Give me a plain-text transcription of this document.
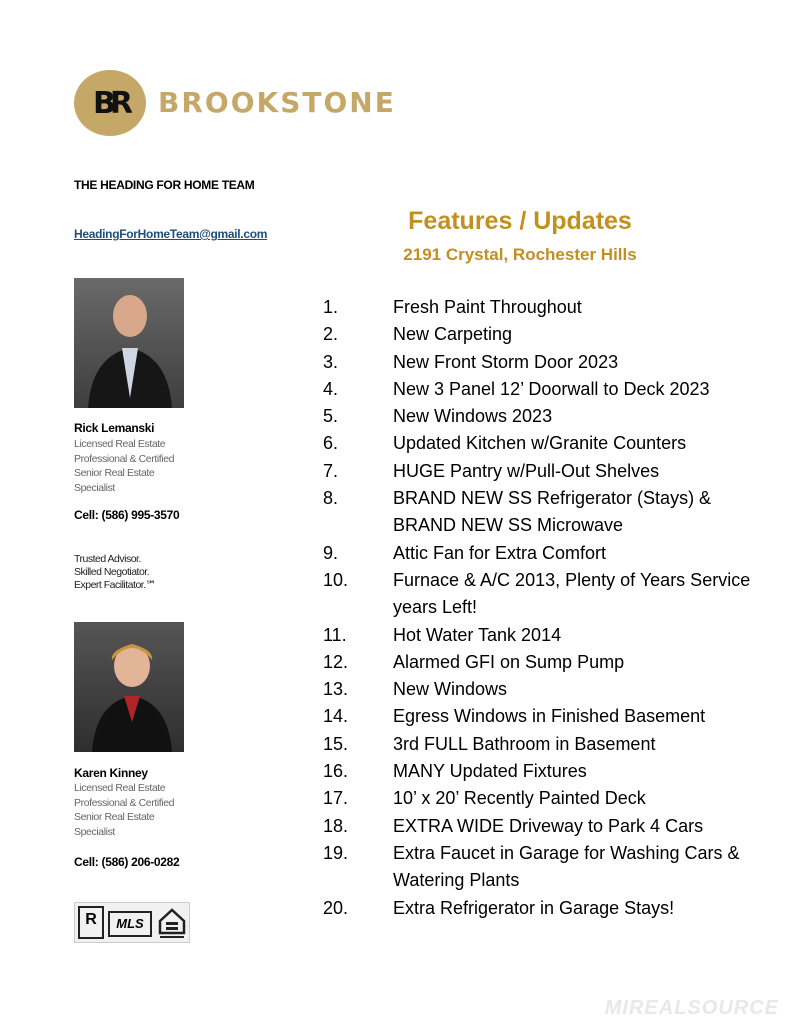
BR BROOKSTONE
THE HEADING FOR HOME TEAM
HeadingForHomeTeam@gmail.com
Rick Lemanski
Licensed Real Estate
Professional & Certified
Senior Real Estate
Specialist
Cell: (586) 995-3570
Trusted Advisor.
Skilled Negotiator.
Expert Facilitator.℠
Karen Kinney
Licensed Real Estate
Professional & Certified
Senior Real Estate
Specialist
Cell: (586) 206-0282
R	MLS
Features / Updates
2191 Crystal, Rochester Hills
1.	Fresh Paint Throughout
2.	New Carpeting
3.	New Front Storm Door 2023
4.	New 3 Panel 12’ Doorwall to Deck 2023
5.	New Windows 2023
6.	Updated Kitchen w/Granite Counters
7.	HUGE Pantry w/Pull-Out Shelves
8.	BRAND NEW SS Refrigerator (Stays) & BRAND NEW SS Microwave
9.	Attic Fan for Extra Comfort
10.	Furnace & A/C 2013, Plenty of Years Service years Left!
11.	Hot Water Tank 2014
12.	Alarmed GFI on Sump Pump
13.	New Windows
14.	Egress Windows in Finished Basement
15.	3rd FULL Bathroom in Basement
16.	MANY Updated Fixtures
17.	10’ x 20’ Recently Painted Deck
18.	EXTRA WIDE Driveway to Park 4 Cars
19.	Extra Faucet in Garage for Washing Cars & Watering Plants
20.	Extra Refrigerator in Garage Stays!
MIREALSOURCE
